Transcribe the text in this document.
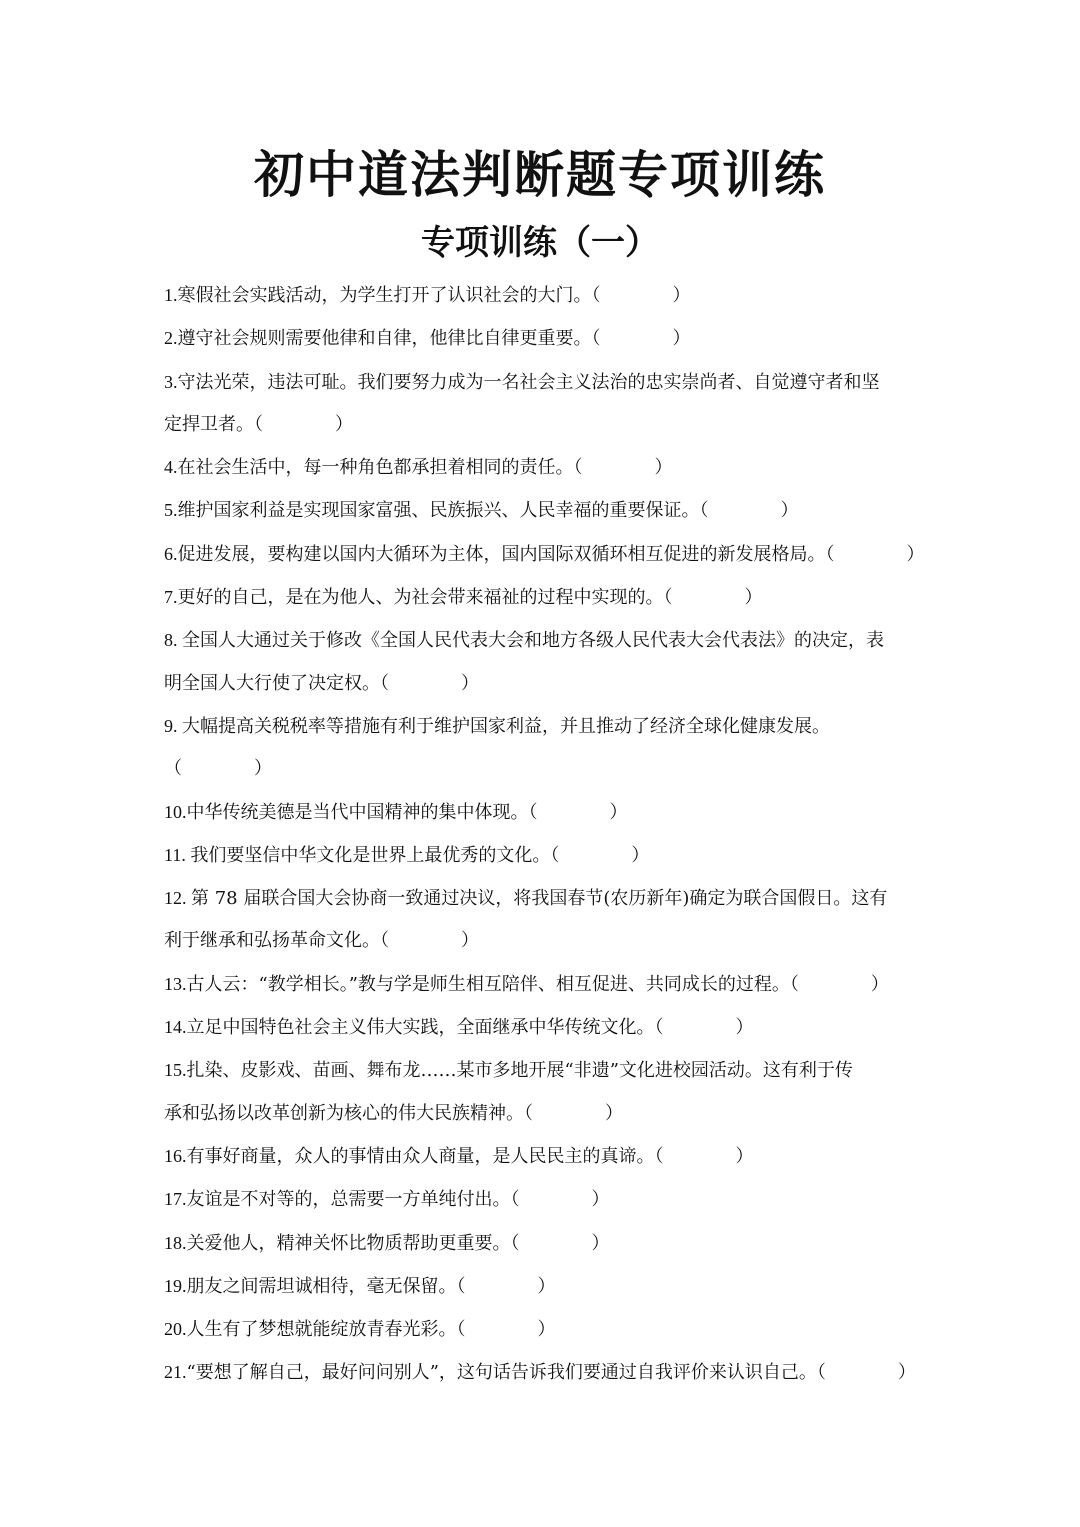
初中道法判断题专项训练
专项训练（一）
1.寒假社会实践活动，为学生打开了认识社会的大门。（　　　　）
2.遵守社会规则需要他律和自律，他律比自律更重要。（　　　　）
3.守法光荣，违法可耻。我们要努力成为一名社会主义法治的忠实崇尚者、自觉遵守者和坚
定捍卫者。（　　　　）
4.在社会生活中，每一种角色都承担着相同的责任。（　　　　）
5.维护国家利益是实现国家富强、民族振兴、人民幸福的重要保证。（　　　　）
6.促进发展，要构建以国内大循环为主体，国内国际双循环相互促进的新发展格局。（　　　　）
7.更好的自己，是在为他人、为社会带来福祉的过程中实现的。（　　　　）
8. 全国人大通过关于修改《全国人民代表大会和地方各级人民代表大会代表法》的决定，表
明全国人大行使了决定权。（　　　　）
9. 大幅提高关税税率等措施有利于维护国家利益，并且推动了经济全球化健康发展。
（　　　　）
10.中华传统美德是当代中国精神的集中体现。（　　　　）
11. 我们要坚信中华文化是世界上最优秀的文化。（　　　　）
12. 第 78 届联合国大会协商一致通过决议，将我国春节(农历新年)确定为联合国假日。这有
利于继承和弘扬革命文化。（　　　　）
13.古人云：“教学相长。”教与学是师生相互陪伴、相互促进、共同成长的过程。（　　　　）
14.立足中国特色社会主义伟大实践，全面继承中华传统文化。（　　　　）
15.扎染、皮影戏、苗画、舞布龙……某市多地开展“非遗”文化进校园活动。这有利于传
承和弘扬以改革创新为核心的伟大民族精神。（　　　　）
16.有事好商量，众人的事情由众人商量，是人民民主的真谛。（　　　　）
17.友谊是不对等的，总需要一方单纯付出。（　　　　）
18.关爱他人，精神关怀比物质帮助更重要。（　　　　）
19.朋友之间需坦诚相待，毫无保留。（　　　　）
20.人生有了梦想就能绽放青春光彩。（　　　　）
21.“要想了解自己，最好问问别人”，这句话告诉我们要通过自我评价来认识自己。（　　　　）
